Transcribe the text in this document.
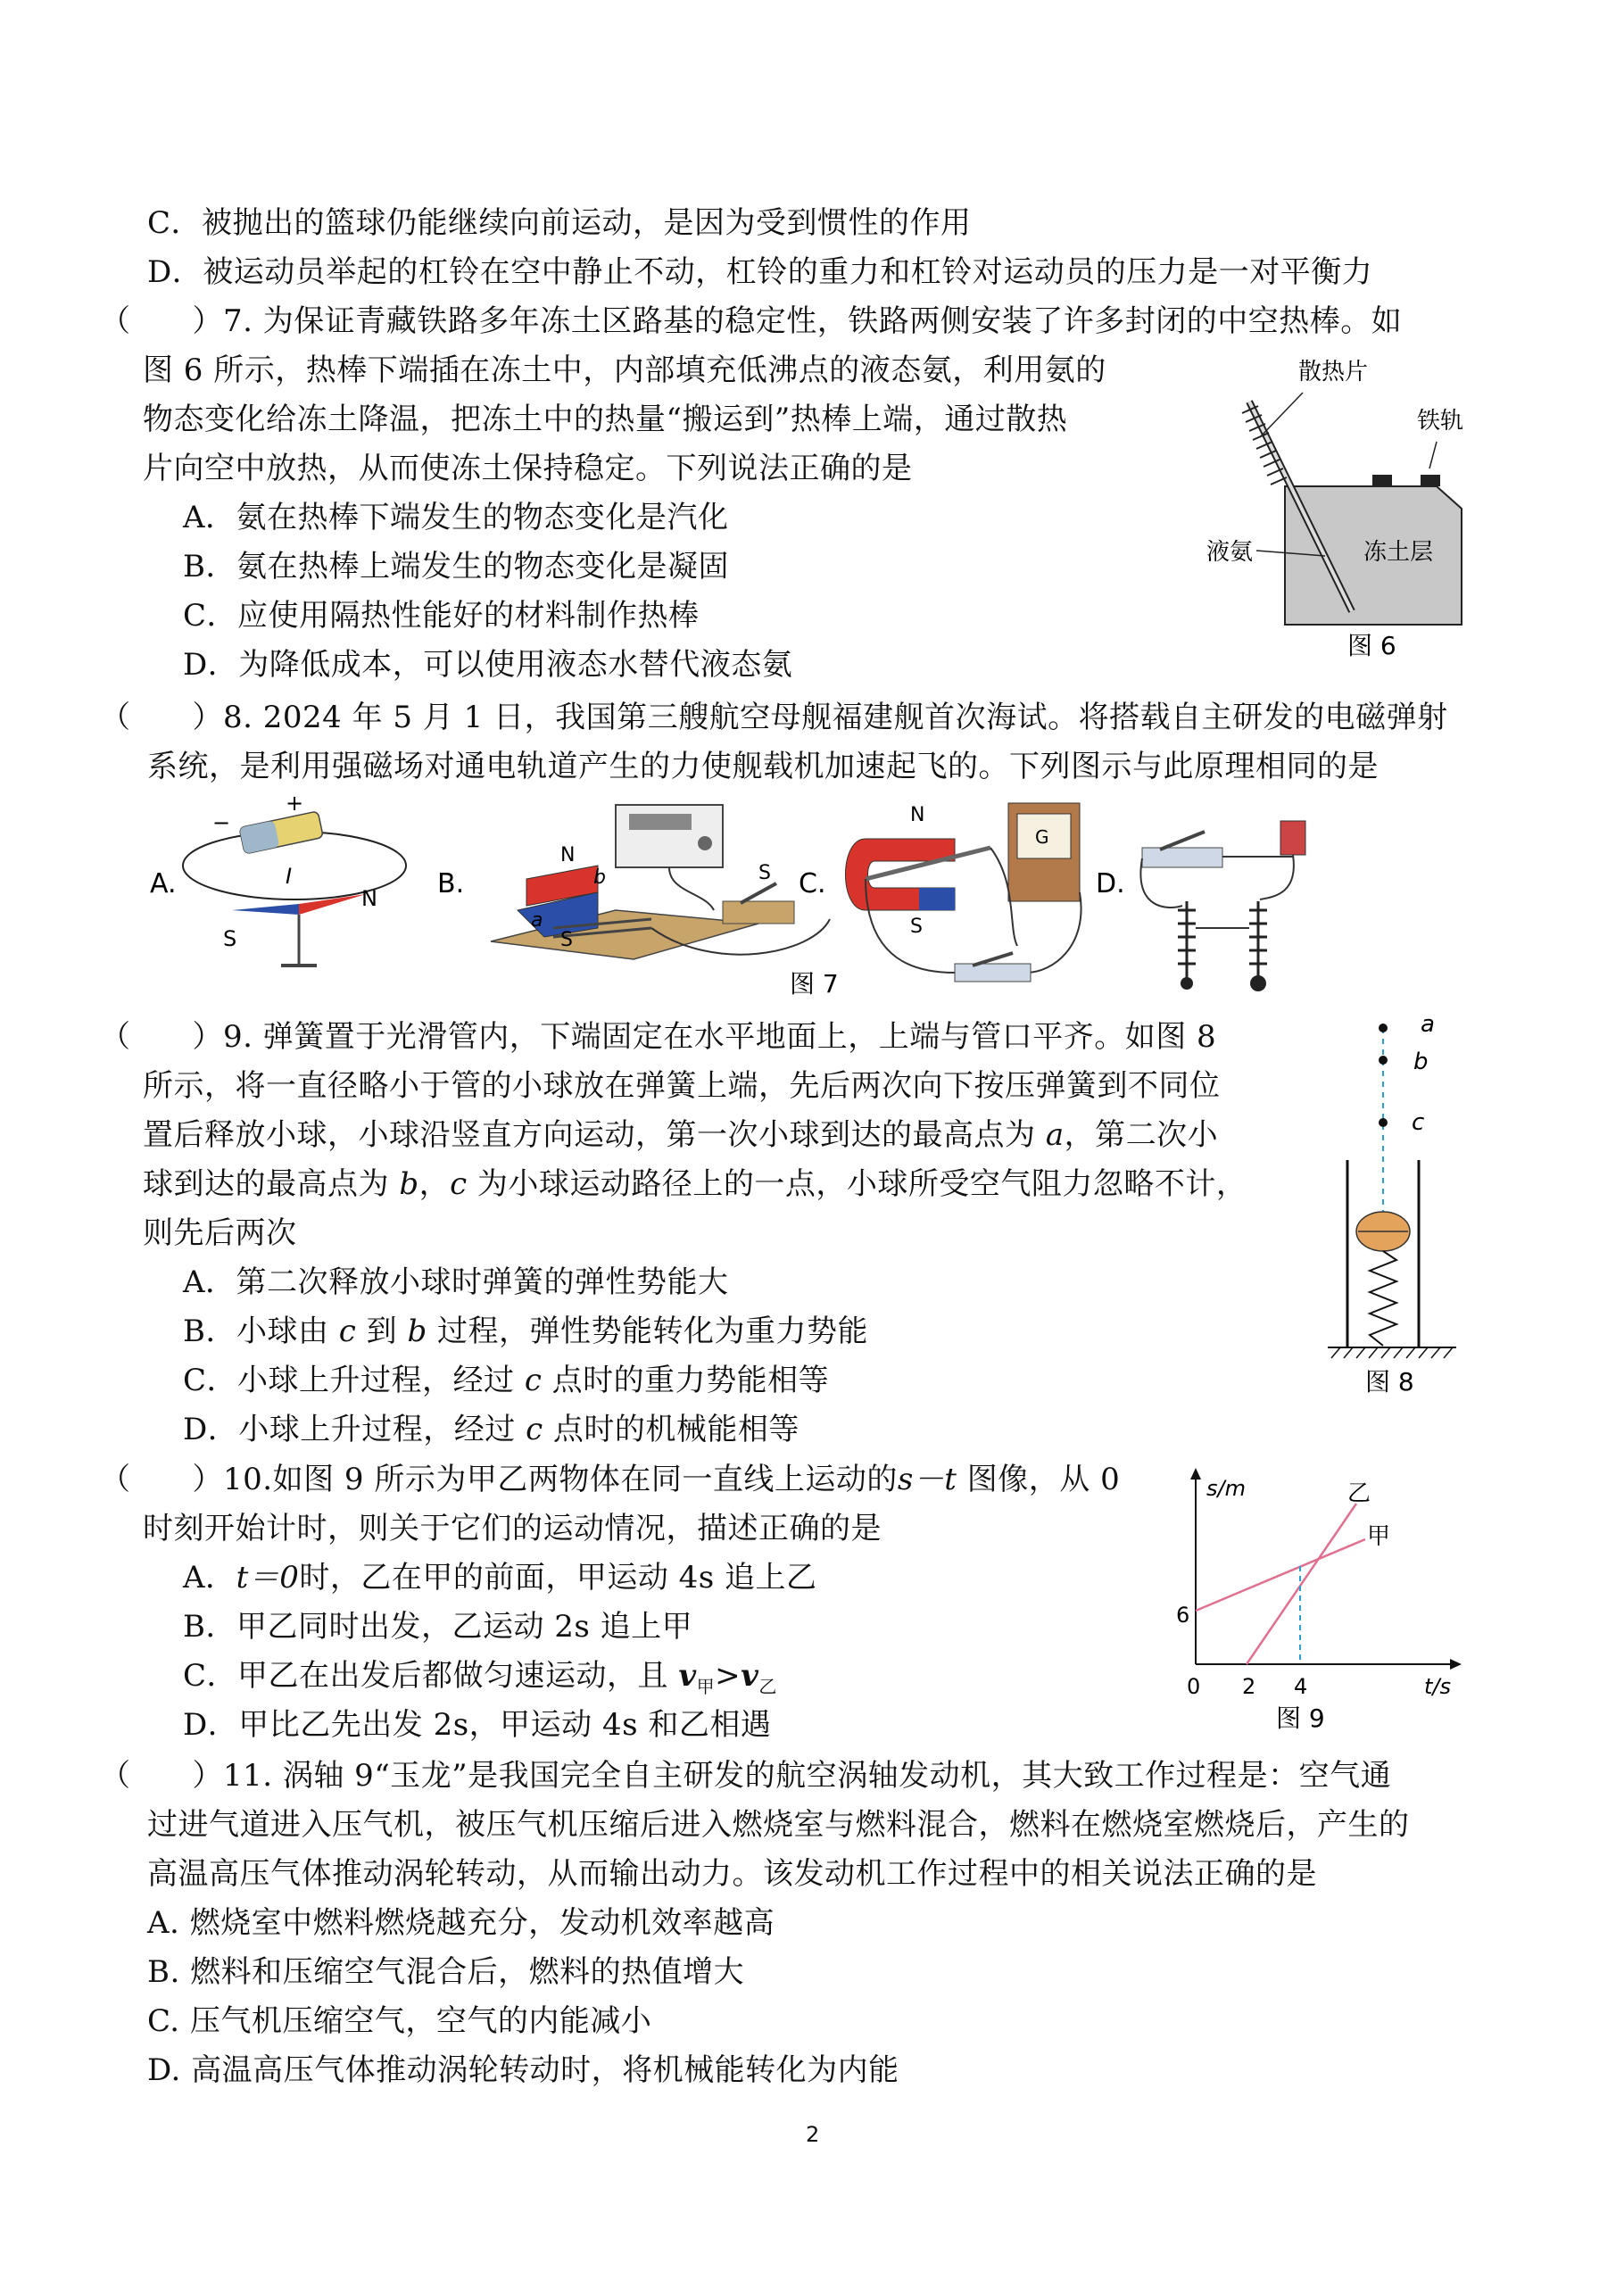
C．被抛出的篮球仍能继续向前运动，是因为受到惯性的作用
D．被运动员举起的杠铃在空中静止不动，杠铃的重力和杠铃对运动员的压力是一对平衡力
（　　）7. 为保证青藏铁路多年冻土区路基的稳定性，铁路两侧安装了许多封闭的中空热棒。如
图 6 所示，热棒下端插在冻土中，内部填充低沸点的液态氨，利用氨的
物态变化给冻土降温，把冻土中的热量“搬运到”热棒上端，通过散热
片向空中放热，从而使冻土保持稳定。下列说法正确的是
A．氨在热棒下端发生的物态变化是汽化
B．氨在热棒上端发生的物态变化是凝固
C．应使用隔热性能好的材料制作热棒
D．为降低成本，可以使用液态水替代液态氨
散热片
铁轨
液氨	冻土层
图 6
（　　）8. 2024 年 5 月 1 日，我国第三艘航空母舰福建舰首次海试。将搭载自主研发的电磁弹射
系统，是利用强磁场对通电轨道产生的力使舰载机加速起飞的。下列图示与此原理相同的是
A.
−
+
I
N
S
B.
N
S
a
b	S C.
N
S
G
D.
图 7
（　　）9. 弹簧置于光滑管内，下端固定在水平地面上，上端与管口平齐。如图 8
所示，将一直径略小于管的小球放在弹簧上端，先后两次向下按压弹簧到不同位
置后释放小球，小球沿竖直方向运动，第一次小球到达的最高点为 a，第二次小
球到达的最高点为 b，c 为小球运动路径上的一点，小球所受空气阻力忽略不计，
则先后两次
A．第二次释放小球时弹簧的弹性势能大
B．小球由 c 到 b 过程，弹性势能转化为重力势能
C．小球上升过程，经过 c 点时的重力势能相等
D．小球上升过程，经过 c 点时的机械能相等
a
b
c
图 8
（　　）10.如图 9 所示为甲乙两物体在同一直线上运动的s－t 图像，从 0
时刻开始计时，则关于它们的运动情况，描述正确的是
A．t＝0时，乙在甲的前面，甲运动 4s 追上乙
B．甲乙同时出发，乙运动 2s 追上甲
C．甲乙在出发后都做匀速运动，且 $v_甲>v_乙$
D．甲比乙先出发 2s，甲运动 4s 和乙相遇
s/m
t/s
0 2 4
6
甲
乙
图 9
（　　）11. 涡轴 9“玉龙”是我国完全自主研发的航空涡轴发动机，其大致工作过程是：空气通
过进气道进入压气机，被压气机压缩后进入燃烧室与燃料混合，燃料在燃烧室燃烧后，产生的
高温高压气体推动涡轮转动，从而输出动力。该发动机工作过程中的相关说法正确的是
A. 燃烧室中燃料燃烧越充分，发动机效率越高
B. 燃料和压缩空气混合后，燃料的热值增大
C. 压气机压缩空气，空气的内能减小
D. 高温高压气体推动涡轮转动时，将机械能转化为内能
2
